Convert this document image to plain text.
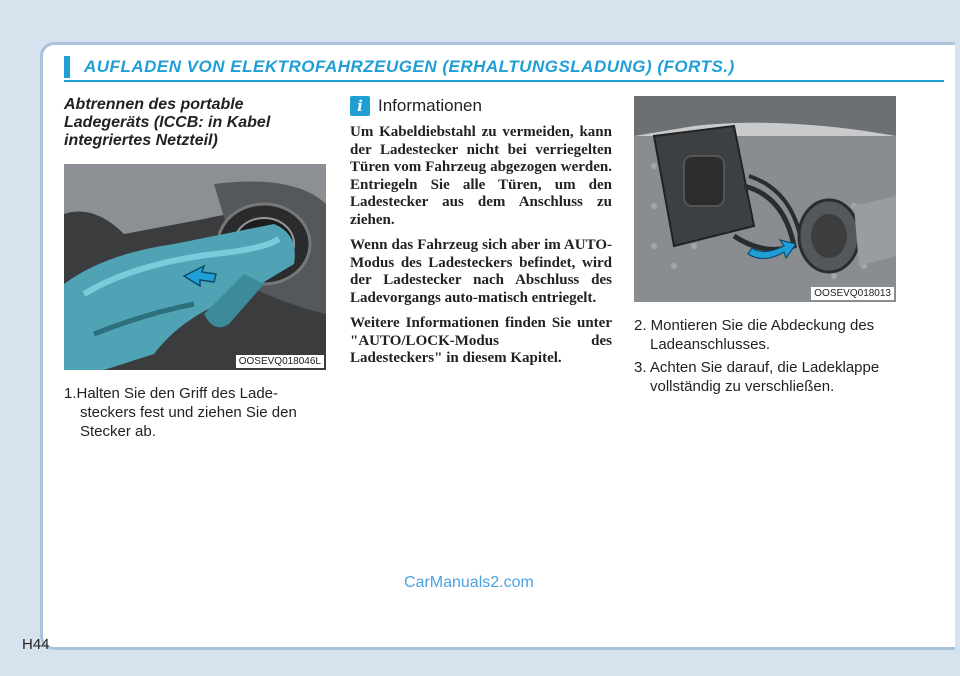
AUFLADEN VON ELEKTROFAHRZEUGEN (ERHALTUNGSLADUNG) (FORTS.)
Abtrennen des portable Ladegeräts (ICCB: in Kabel integriertes Netzteil)
OOSEVQ018046L
1.Halten Sie den Griff des Lade-steckers fest und ziehen Sie den Stecker ab.
i Informationen

Um Kabeldiebstahl zu vermeiden, kann der Ladestecker nicht bei verriegelten Türen vom Fahrzeug abgezogen werden. Entriegeln Sie alle Türen, um den Ladestecker aus dem Anschluss zu ziehen.

Wenn das Fahrzeug sich aber im AUTO-Modus des Ladesteckers befindet, wird der Ladestecker nach Abschluss des Ladevorgangs auto-matisch entriegelt.

Weitere Informationen finden Sie unter "AUTO/LOCK-Modus des Ladesteckers" in diesem Kapitel.

OOSEVQ018013
2. Montieren Sie die Abdeckung des Ladeanschlusses.
3. Achten Sie darauf, die Ladeklappe vollständig zu verschließen.
CarManuals2.com
H44
